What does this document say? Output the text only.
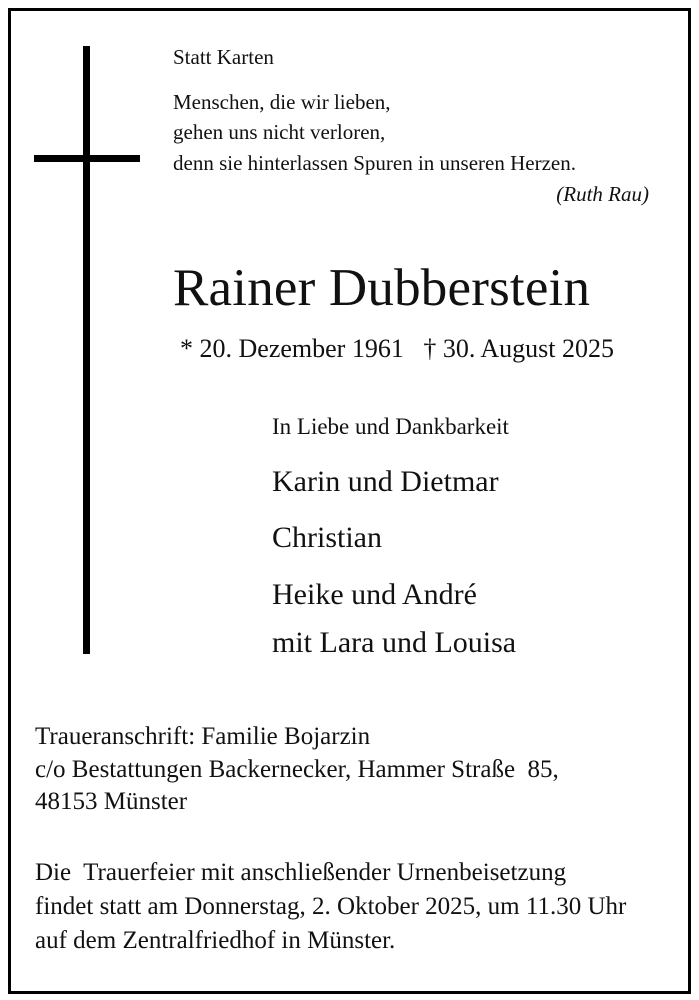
Statt Karten
Menschen, die wir lieben,
gehen uns nicht verloren,
denn sie hinterlassen Spuren in unseren Herzen.
(Ruth Rau)
Rainer Dubberstein
* 20. Dezember 1961   † 30. August 2025
In Liebe und Dankbarkeit
Karin und Dietmar
Christian
Heike und André
mit Lara und Louisa
Traueranschrift: Familie Bojarzin
c/o Bestattungen Backernecker, Hammer Straße  85,
48153 Münster
Die  Trauerfeier mit anschließender Urnenbeisetzung
findet statt am Donnerstag, 2. Oktober 2025, um 11.30 Uhr
auf dem Zentralfriedhof in Münster.
